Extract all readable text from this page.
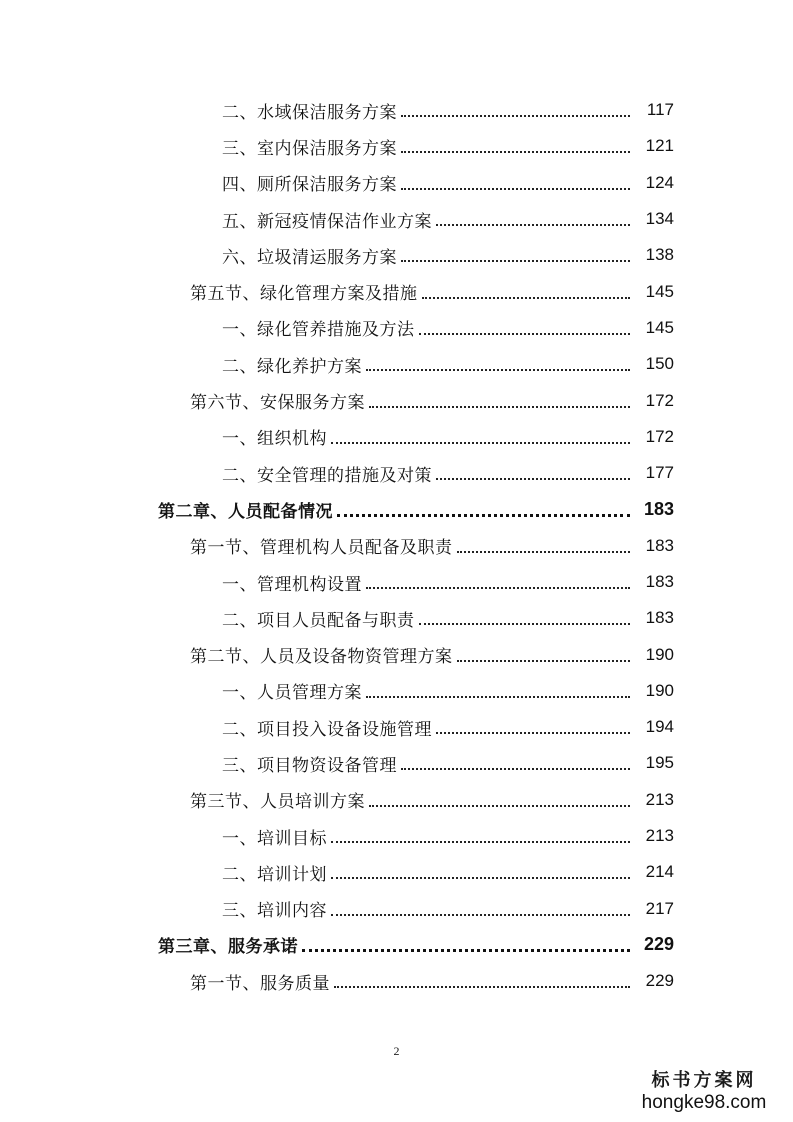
二、水域保洁服务方案	117
三、室内保洁服务方案	121
四、厕所保洁服务方案	124
五、新冠疫情保洁作业方案	134
六、垃圾清运服务方案	138
第五节、绿化管理方案及措施	145
一、绿化管养措施及方法	145
二、绿化养护方案	150
第六节、安保服务方案	172
一、组织机构	172
二、安全管理的措施及对策	177
第二章、人员配备情况	183
第一节、管理机构人员配备及职责	183
一、管理机构设置	183
二、项目人员配备与职责	183
第二节、人员及设备物资管理方案	190
一、人员管理方案	190
二、项目投入设备设施管理	194
三、项目物资设备管理	195
第三节、人员培训方案	213
一、培训目标	213
二、培训计划	214
三、培训内容	217
第三章、服务承诺	229
第一节、服务质量	229
2
标书方案网
hongke98.com
